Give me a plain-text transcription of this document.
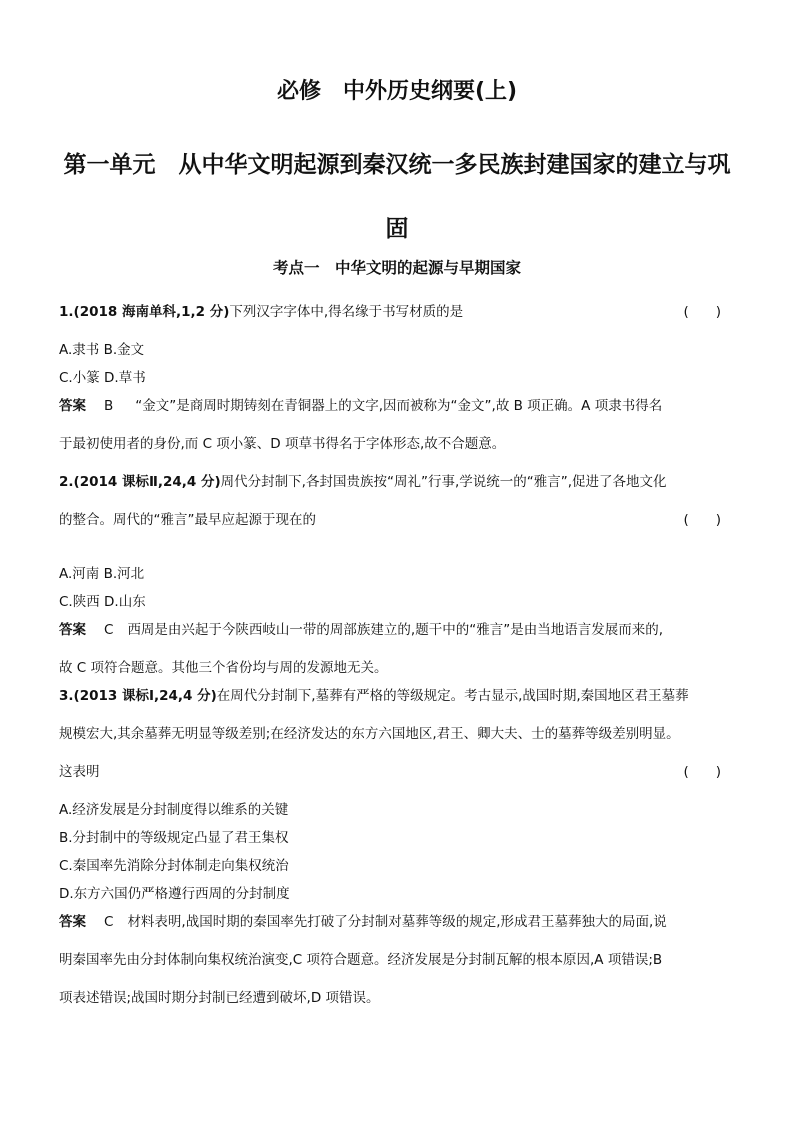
必修　中外历史纲要(上)
第一单元　从中华文明起源到秦汉统一多民族封建国家的建立与巩固
考点一　中华文明的起源与早期国家
1.(2018 海南单科,1,2 分)下列汉字字体中,得名缘于书写材质的是	(　　)
A.隶书 B.金文
C.小篆 D.草书
答案 B “金文”是商周时期铸刻在青铜器上的文字,因而被称为“金文”,故 B 项正确。A 项隶书得名
于最初使用者的身份,而 C 项小篆、D 项草书得名于字体形态,故不合题意。
2.(2014 课标Ⅱ,24,4 分)周代分封制下,各封国贵族按“周礼”行事,学说统一的“雅言”,促进了各地文化
的整合。周代的“雅言”最早应起源于现在的	(　　)
A.河南 B.河北
C.陕西 D.山东
答案 C 西周是由兴起于今陕西岐山一带的周部族建立的,题干中的“雅言”是由当地语言发展而来的,
故 C 项符合题意。其他三个省份均与周的发源地无关。
3.(2013 课标Ⅰ,24,4 分)在周代分封制下,墓葬有严格的等级规定。考古显示,战国时期,秦国地区君王墓葬
规模宏大,其余墓葬无明显等级差别;在经济发达的东方六国地区,君王、卿大夫、士的墓葬等级差别明显。
这表明	(　　)
A.经济发展是分封制度得以维系的关键
B.分封制中的等级规定凸显了君王集权
C.秦国率先消除分封体制走向集权统治
D.东方六国仍严格遵行西周的分封制度
答案 C 材料表明,战国时期的秦国率先打破了分封制对墓葬等级的规定,形成君王墓葬独大的局面,说
明秦国率先由分封体制向集权统治演变,C 项符合题意。经济发展是分封制瓦解的根本原因,A 项错误;B
项表述错误;战国时期分封制已经遭到破坏,D 项错误。
